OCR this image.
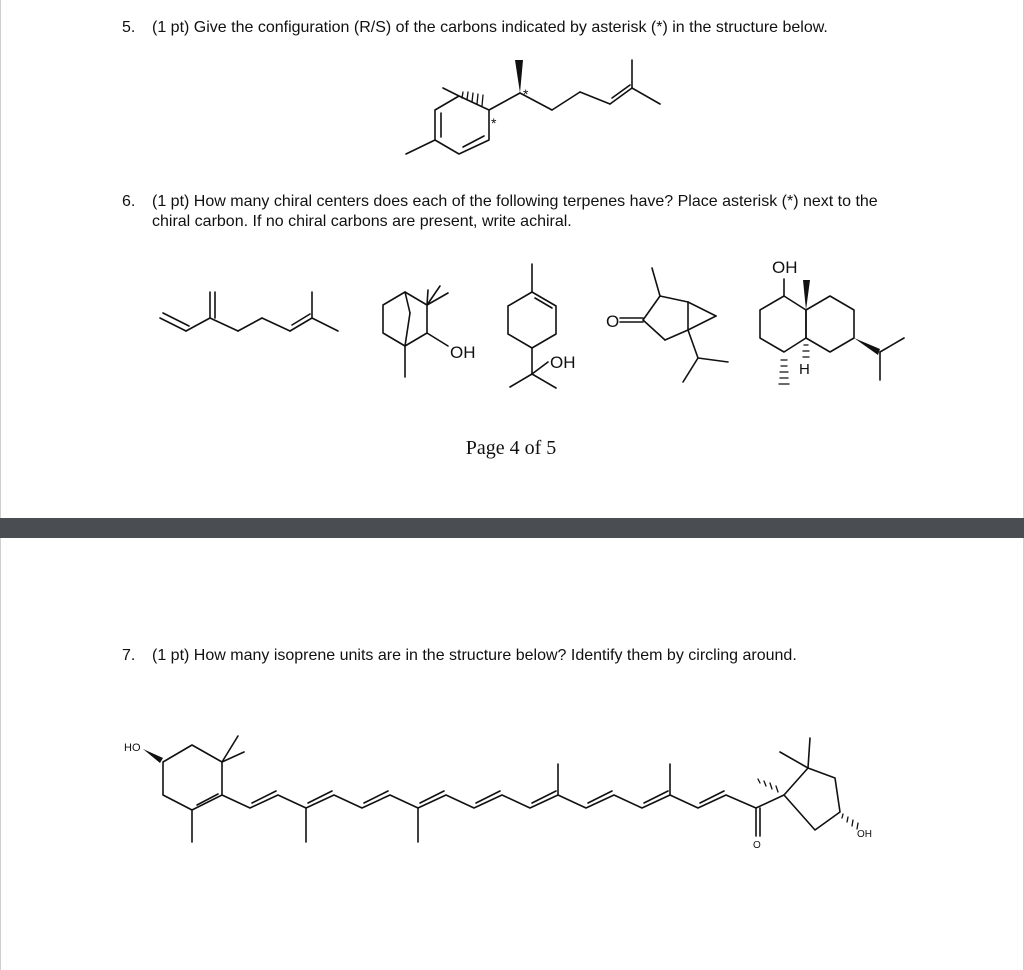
5. (1 pt) Give the configuration (R/S) of the carbons indicated by asterisk (*) in the structure below.
6. (1 pt) How many chiral centers does each of the following terpenes have? Place asterisk (*) next to the
chiral carbon. If no chiral carbons are present, write achiral.
7. (1 pt) How many isoprene units are in the structure below? Identify them by circling around.
*
*
OH
OH
O
OH
H
HO
O
OH
Page 4 of 5
